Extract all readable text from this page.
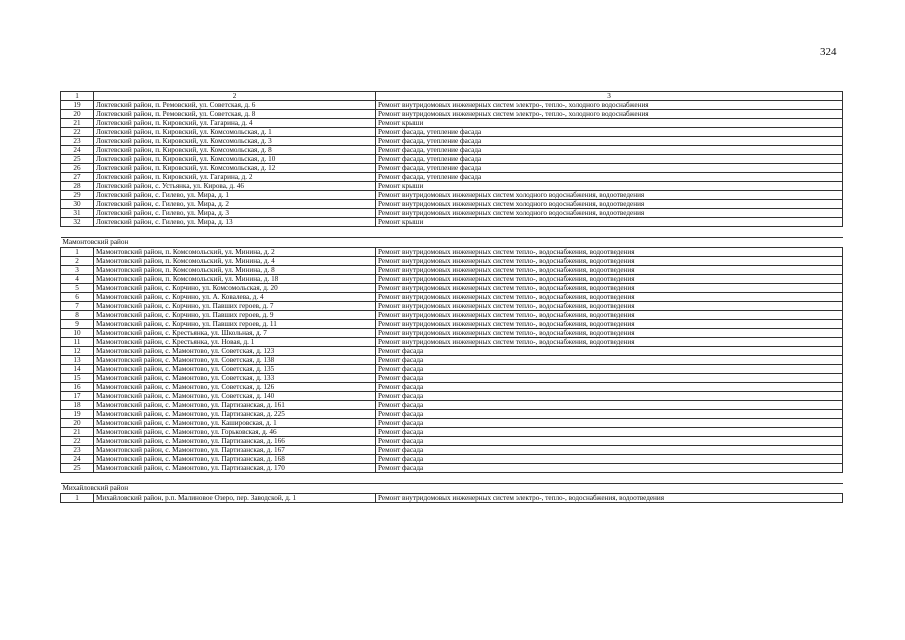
324
1	2	3
19	Локтевский район, п. Ремовский, ул. Советская, д. 6	Ремонт внутридомовых инженерных систем электро-, тепло-, холодного водоснабжения
20	Локтевский район, п. Ремовский, ул. Советская, д. 8	Ремонт внутридомовых инженерных систем электро-, тепло-, холодного водоснабжения
21	Локтевский район, п. Кировский, ул. Гагарина, д. 4	Ремонт крыши
22	Локтевский район, п. Кировский, ул. Комсомольская, д. 1	Ремонт фасада, утепление фасада
23	Локтевский район, п. Кировский, ул. Комсомольская, д. 3	Ремонт фасада, утепление фасада
24	Локтевский район, п. Кировский, ул. Комсомольская, д. 8	Ремонт фасада, утепление фасада
25	Локтевский район, п. Кировский, ул. Комсомольская, д. 10	Ремонт фасада, утепление фасада
26	Локтевский район, п. Кировский, ул. Комсомольская, д. 12	Ремонт фасада, утепление фасада
27	Локтевский район, п. Кировский, ул. Гагарина, д. 2	Ремонт фасада, утепление фасада
28	Локтевский район, с. Устьянка, ул. Кирова, д. 46	Ремонт крыши
29	Локтевский район, с. Гилево, ул. Мира, д. 1	Ремонт внутридомовых инженерных систем холодного водоснабжения, водоотведения
30	Локтевский район, с. Гилево, ул. Мира, д. 2	Ремонт внутридомовых инженерных систем холодного водоснабжения, водоотведения
31	Локтевский район, с. Гилево, ул. Мира, д. 3	Ремонт внутридомовых инженерных систем холодного водоснабжения, водоотведения
32	Локтевский район, с. Гилево, ул. Мира, д. 13	Ремонт крыши

Мамонтовский район		
1	Мамонтовский район, п. Комсомольский, ул. Минина, д. 2	Ремонт внутридомовых инженерных систем тепло-, водоснабжения, водоотведения
2	Мамонтовский район, п. Комсомольский, ул. Минина, д. 4	Ремонт внутридомовых инженерных систем тепло-, водоснабжения, водоотведения
3	Мамонтовский район, п. Комсомольский, ул. Минина, д. 8	Ремонт внутридомовых инженерных систем тепло-, водоснабжения, водоотведения
4	Мамонтовский район, п. Комсомольский, ул. Минина, д. 18	Ремонт внутридомовых инженерных систем тепло-, водоснабжения, водоотведения
5	Мамонтовский район, с. Корчино, ул. Комсомольская, д. 20	Ремонт внутридомовых инженерных систем тепло-, водоснабжения, водоотведения
6	Мамонтовский район, с. Корчино, ул. А. Ковалева, д. 4	Ремонт внутридомовых инженерных систем тепло-, водоснабжения, водоотведения
7	Мамонтовский район, с. Корчино, ул. Павших героев, д. 7	Ремонт внутридомовых инженерных систем тепло-, водоснабжения, водоотведения
8	Мамонтовский район, с. Корчино, ул. Павших героев, д. 9	Ремонт внутридомовых инженерных систем тепло-, водоснабжения, водоотведения
9	Мамонтовский район, с. Корчино, ул. Павших героев, д. 11	Ремонт внутридомовых инженерных систем тепло-, водоснабжения, водоотведения
10	Мамонтовский район, с. Крестьянка, ул. Школьная, д. 7	Ремонт внутридомовых инженерных систем тепло-, водоснабжения, водоотведения
11	Мамонтовский район, с. Крестьянка, ул. Новая, д. 1	Ремонт внутридомовых инженерных систем тепло-, водоснабжения, водоотведения
12	Мамонтовский район, с. Мамонтово, ул. Советская, д. 123	Ремонт фасада
13	Мамонтовский район, с. Мамонтово, ул. Советская, д. 138	Ремонт фасада
14	Мамонтовский район, с. Мамонтово, ул. Советская, д. 135	Ремонт фасада
15	Мамонтовский район, с. Мамонтово, ул. Советская, д. 133	Ремонт фасада
16	Мамонтовский район, с. Мамонтово, ул. Советская, д. 126	Ремонт фасада
17	Мамонтовский район, с. Мамонтово, ул. Советская, д. 140	Ремонт фасада
18	Мамонтовский район, с. Мамонтово, ул. Партизанская, д. 161	Ремонт фасада
19	Мамонтовский район, с. Мамонтово, ул. Партизанская, д. 225	Ремонт фасада
20	Мамонтовский район, с. Мамонтово, ул. Кашировская, д. 1	Ремонт фасада
21	Мамонтовский район, с. Мамонтово, ул. Горьковская, д. 46	Ремонт фасада
22	Мамонтовский район, с. Мамонтово, ул. Партизанская, д. 166	Ремонт фасада
23	Мамонтовский район, с. Мамонтово, ул. Партизанская, д. 167	Ремонт фасада
24	Мамонтовский район, с. Мамонтово, ул. Партизанская, д. 168	Ремонт фасада
25	Мамонтовский район, с. Мамонтово, ул. Партизанская, д. 170	Ремонт фасада

Михайловский район		
1	Михайловский район, р.п. Малиновое Озеро, пер. Заводской, д. 1	Ремонт внутридомовых инженерных систем электро-, тепло-, водоснабжения, водоотведения
